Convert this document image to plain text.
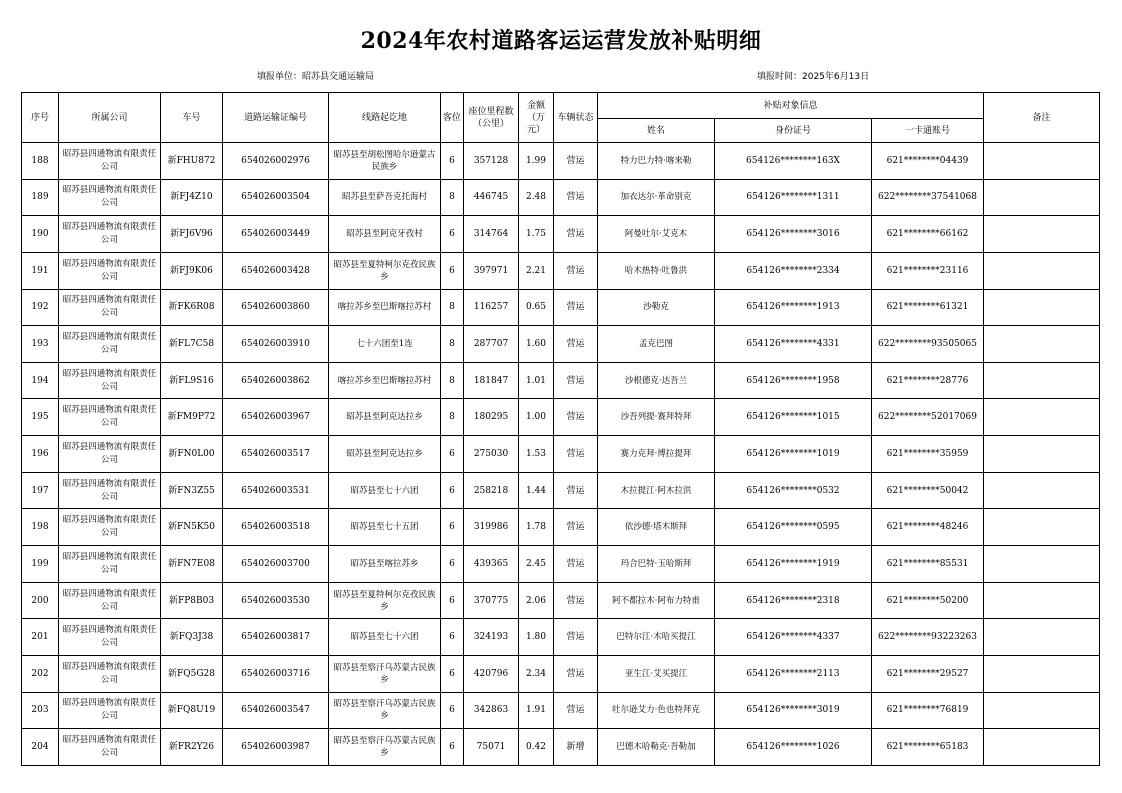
2024年农村道路客运运营发放补贴明细
填报单位：昭苏县交通运输局	填报时间：2025年6月13日
序号	所属公司	车号	道路运输证编号	线路起讫地	客位	座位里程数（公里）	金额（万元）	车辆状态	补贴对象信息			备注
									姓名	身份证号	一卡通账号	
188	昭苏县四通物流有限责任公司	新FHU872	654026002976	昭苏县至胡松图哈尔逊蒙古民族乡	6	357128	1.99	营运	特力巴力特·喀来勒	654126********163X	621********04439	
189	昭苏县四通物流有限责任公司	新FJ4Z10	654026003504	昭苏县至萨吾克托海村	8	446745	2.48	营运	加衣达尔·革命别克	654126********1311	622********37541068	
190	昭苏县四通物流有限责任公司	新FJ6V96	654026003449	昭苏县至阿克牙孜村	6	314764	1.75	营运	阿曼吐尔·艾克木	654126********3016	621********66162	
191	昭苏县四通物流有限责任公司	新FJ9K06	654026003428	昭苏县至夏特柯尔克孜民族乡	6	397971	2.21	营运	哈木热特·吐鲁洪	654126********2334	621********23116	
192	昭苏县四通物流有限责任公司	新FK6R08	654026003860	喀拉苏乡至巴斯喀拉苏村	8	116257	0.65	营运	沙勒克	654126********1913	621********61321	
193	昭苏县四通物流有限责任公司	新FL7C58	654026003910	七十六团至1连	8	287707	1.60	营运	孟克巴图	654126********4331	622********93505065	
194	昭苏县四通物流有限责任公司	新FL9S16	654026003862	喀拉苏乡至巴斯喀拉苏村	8	181847	1.01	营运	沙根德克·达吾兰	654126********1958	621********28776	
195	昭苏县四通物流有限责任公司	新FM9P72	654026003967	昭苏县至阿克达拉乡	8	180295	1.00	营运	沙吾列提·赛拜特拜	654126********1015	622********52017069	
196	昭苏县四通物流有限责任公司	新FN0L00	654026003517	昭苏县至阿克达拉乡	6	275030	1.53	营运	赛力克拜·博拉提拜	654126********1019	621********35959	
197	昭苏县四通物流有限责任公司	新FN3Z55	654026003531	昭苏县至七十六团	6	258218	1.44	营运	木拉提江·阿木拉洪	654126********0532	621********50042	
198	昭苏县四通物流有限责任公司	新FN5K50	654026003518	昭苏县至七十五团	6	319986	1.78	营运	依沙德·塔木斯拜	654126********0595	621********48246	
199	昭苏县四通物流有限责任公司	新FN7E08	654026003700	昭苏县至喀拉苏乡	6	439365	2.45	营运	玛合巴特·玉哈斯拜	654126********1919	621********85531	
200	昭苏县四通物流有限责任公司	新FP8B03	654026003530	昭苏县至夏特柯尔克孜民族乡	6	370775	2.06	营运	阿不都拉木·阿布力特甫	654126********2318	621********50200	
201	昭苏县四通物流有限责任公司	新FQ3J38	654026003817	昭苏县至七十六团	6	324193	1.80	营运	巴特尔江·木哈买提江	654126********4337	622********93223263	
202	昭苏县四通物流有限责任公司	新FQ5G28	654026003716	昭苏县至察汗乌苏蒙古民族乡	6	420796	2.34	营运	亚生江·艾买提江	654126********2113	621********29527	
203	昭苏县四通物流有限责任公司	新FQ8U19	654026003547	昭苏县至察汗乌苏蒙古民族乡	6	342863	1.91	营运	吐尔逊艾力·色也特拜克	654126********3019	621********76819	
204	昭苏县四通物流有限责任公司	新FR2Y26	654026003987	昭苏县至察汗乌苏蒙古民族乡	6	75071	0.42	新增	巴德木哈勒克·吾勒加	654126********1026	621********65183	
